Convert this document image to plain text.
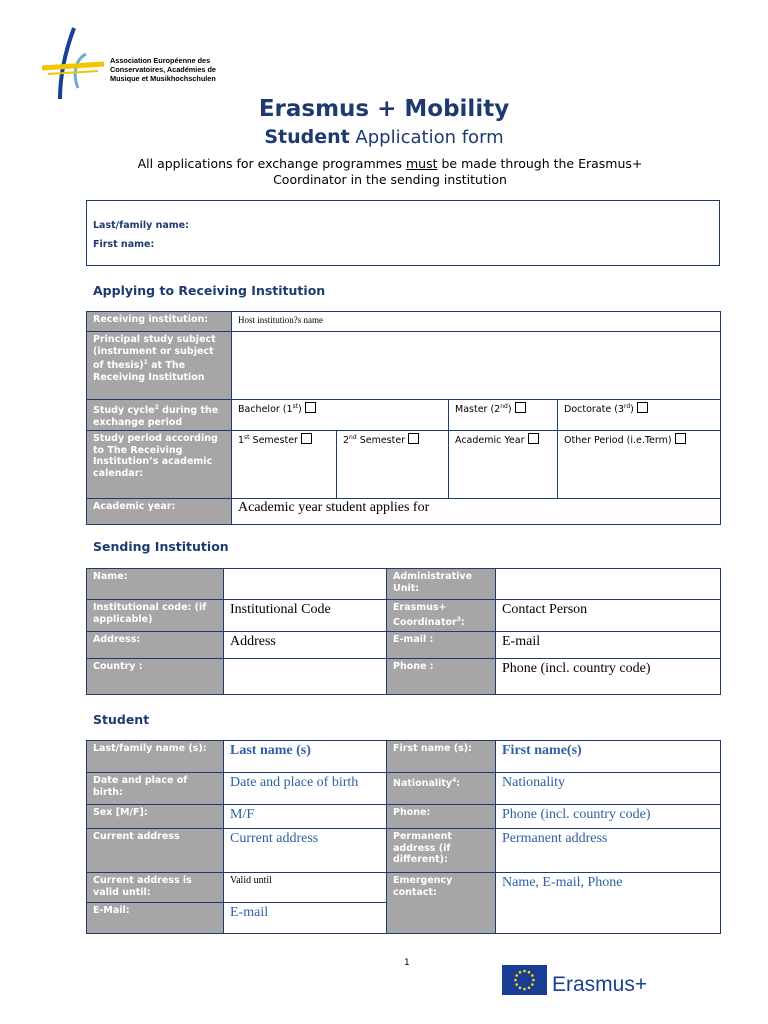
Association Européenne des
Conservatoires, Académies de
Musique et Musikhochschulen
Erasmus + Mobility
Student Application form
All applications for exchange programmes must be made through the Erasmus+
Coordinator in the sending institution
Last/family name:
First name:
Applying to Receiving Institution
Receiving institution:	Host institution?s name			
Principal study subject (instrument or subject of thesis)$^1$ at The Receiving Institution				
Study cycle$^2$ during the exchange period	Bachelor (1st)		Master (2nd)	Doctorate (3rd)
Study period according to The Receiving Institution’s academic calendar:	1st Semester	2nd Semester	Academic Year	Other Period (i.e.Term)
Academic year:	Academic year student applies for			
Sending Institution
Name:		Administrative Unit:	
Institutional code: (if applicable)	Institutional Code	Erasmus+ Coordinator$^3$:	Contact Person
Address:	Address	E-mail :	E-mail
Country :		Phone :	Phone (incl. country code)
Student
Last/family name (s):	Last name (s)	First name (s):	First name(s)
Date and place of birth:	Date and place of birth	Nationality$^4$:	Nationality
Sex [M/F]:	M/F	Phone:	Phone (incl. country code)
Current address	Current address	Permanent address (if different):	Permanent address
Current address is valid until:	Valid until	Emergency contact:	Name, E-mail, Phone
E-Mail:	E-mail		
1
Erasmus+
